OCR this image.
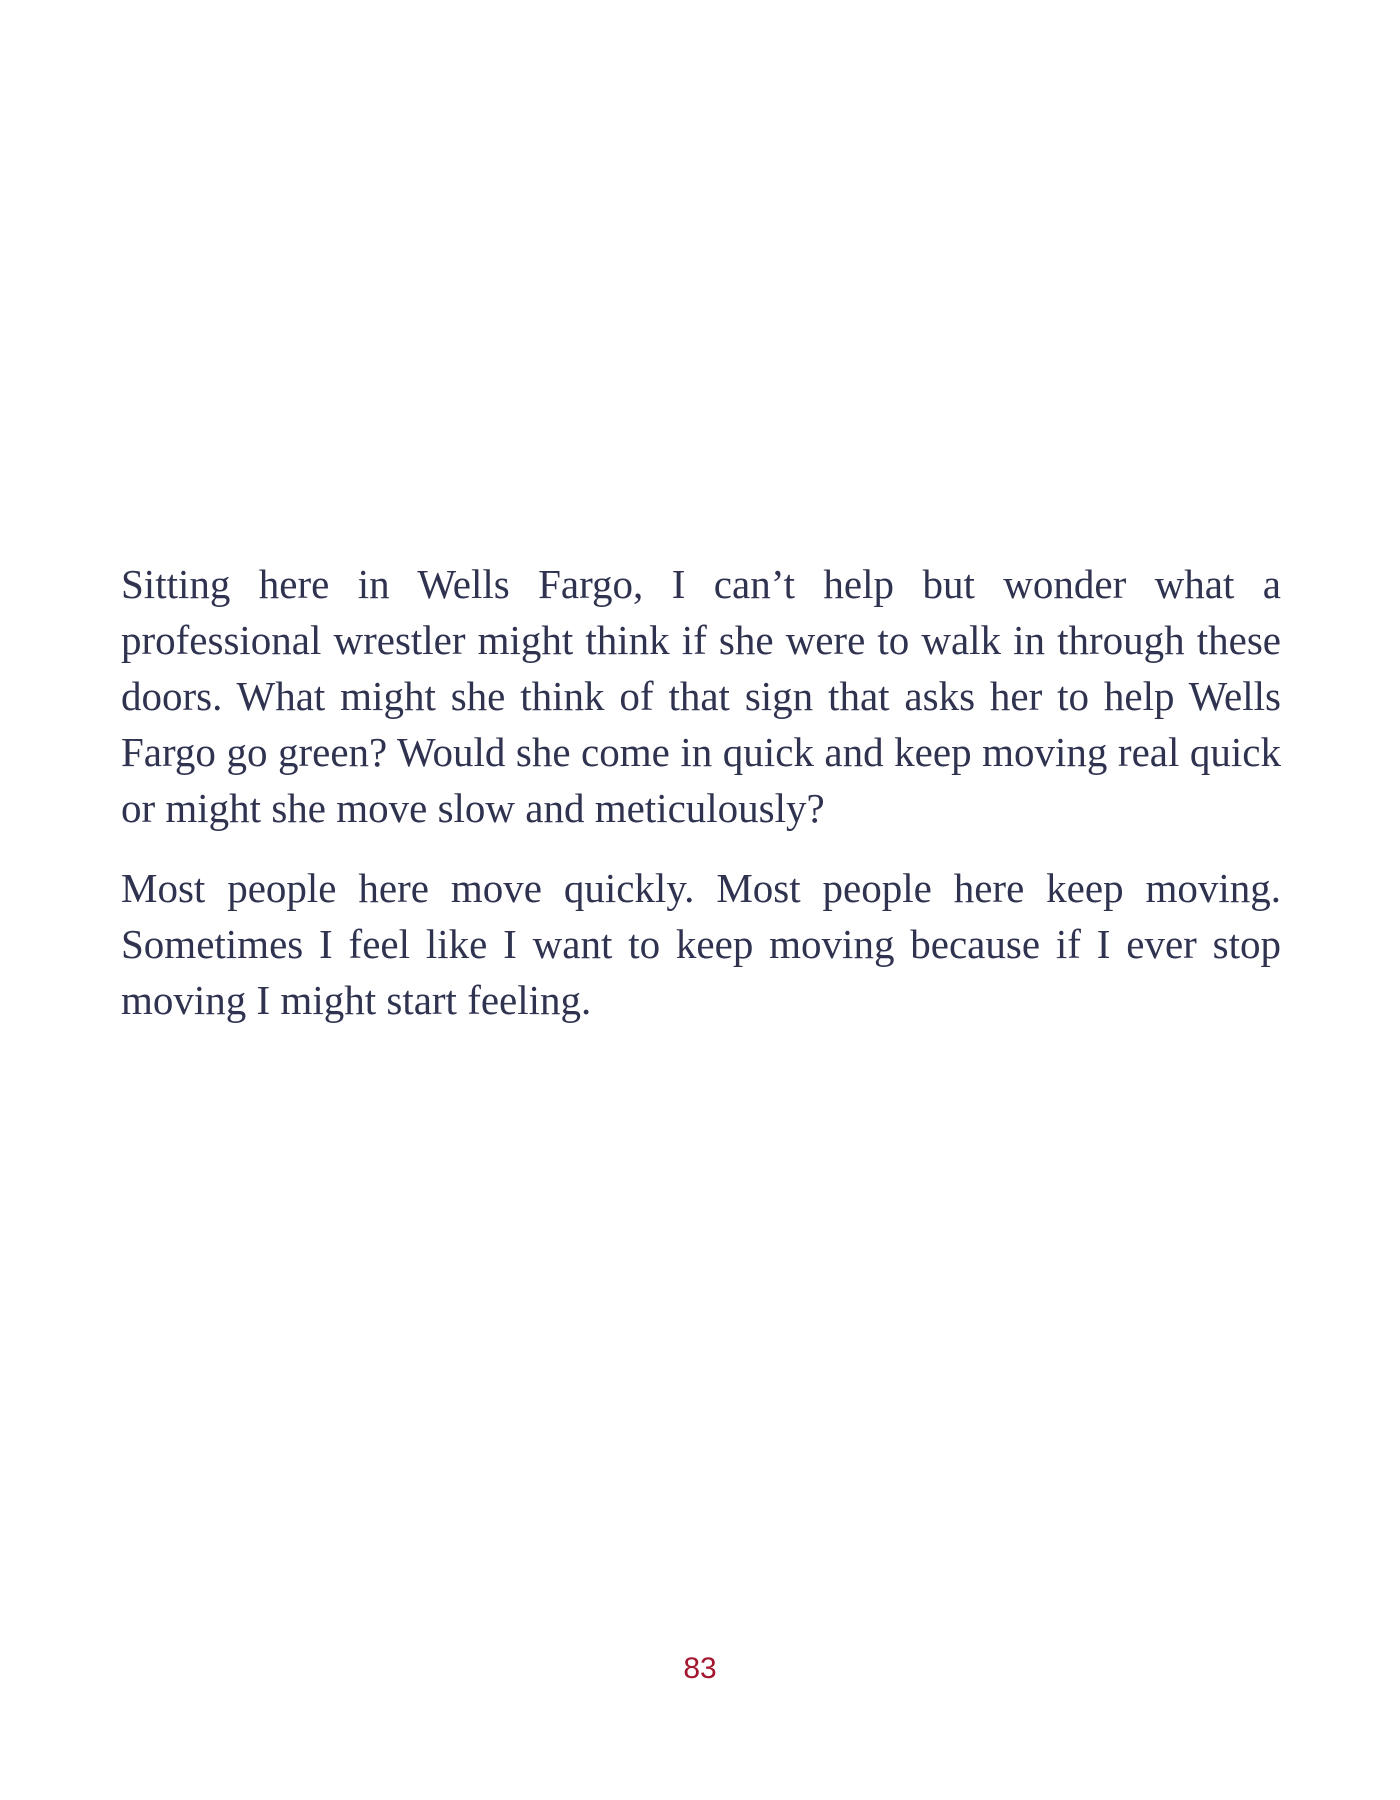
Sitting here in Wells Fargo, I can’t help but wonder what a professional wrestler might think if she were to walk in through these doors. What might she think of that sign that asks her to help Wells Fargo go green? Would she come in quick and keep moving real quick or might she move slow and meticulously?

Most people here move quickly. Most people here keep moving. Sometimes I feel like I want to keep moving because if I ever stop moving I might start feeling.

83
